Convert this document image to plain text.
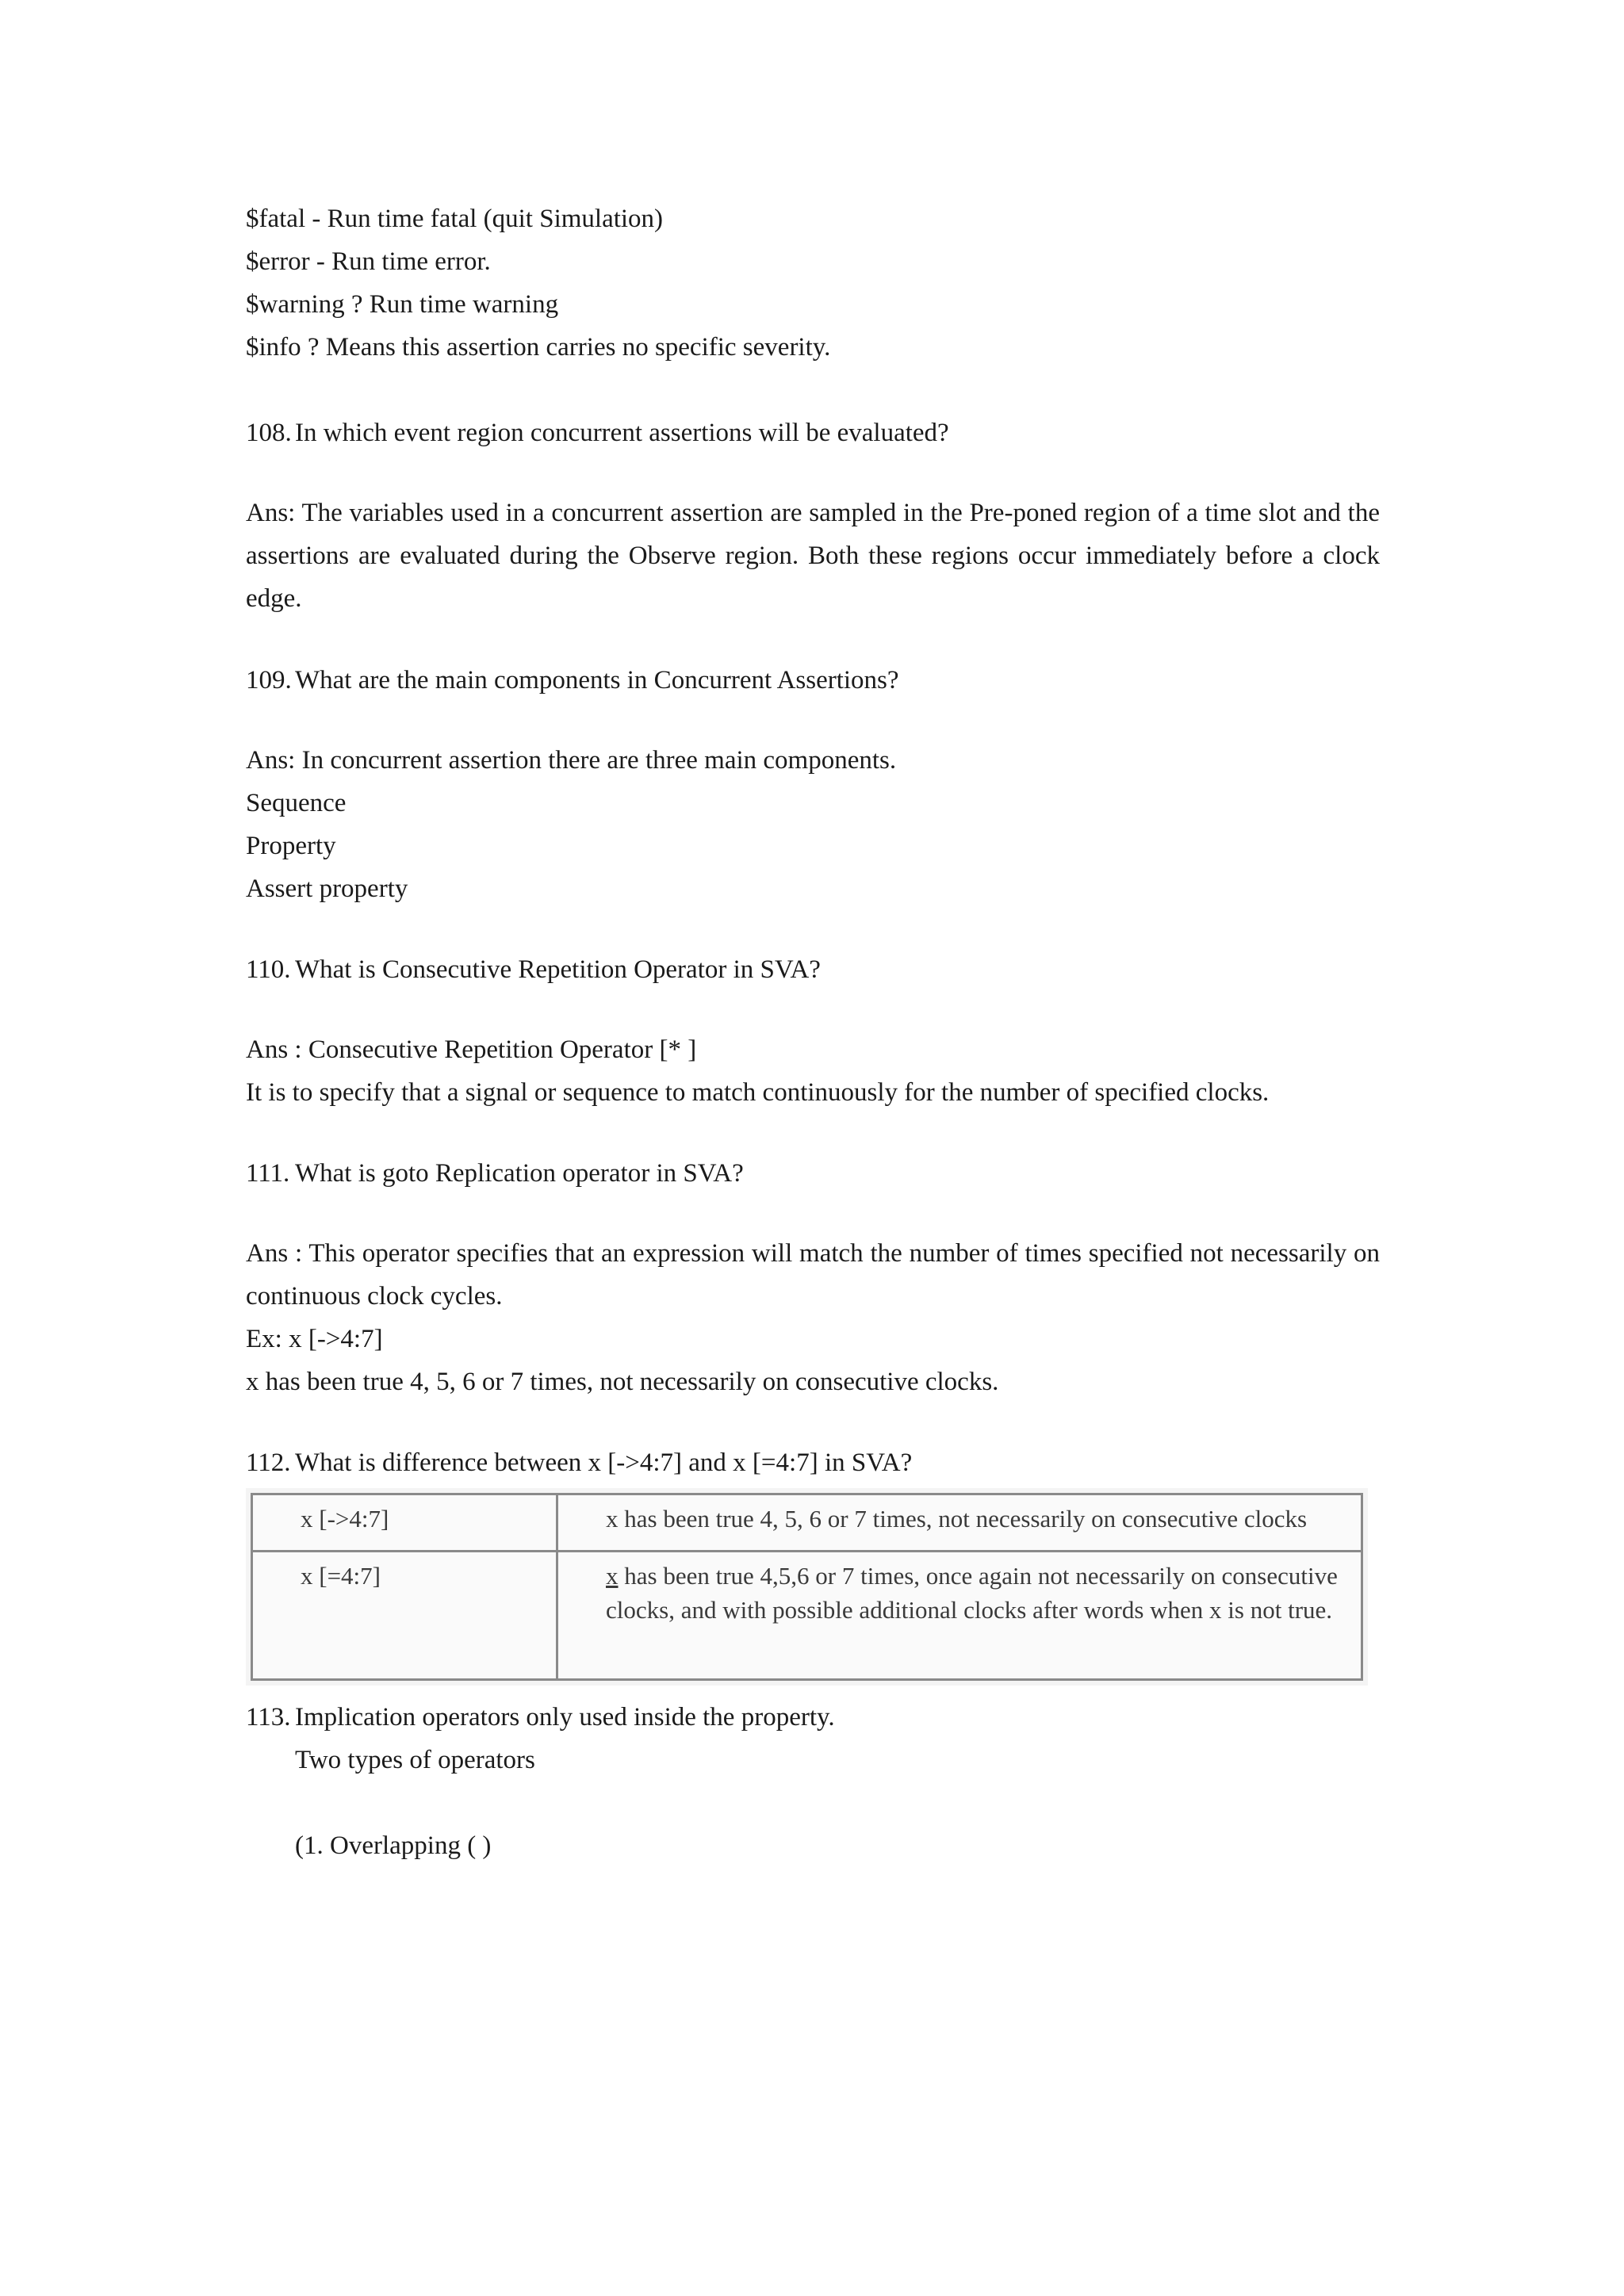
$fatal - Run time fatal (quit Simulation)

$error - Run time error.

$warning ? Run time warning

$info ? Means this assertion carries no specific severity.

108. In which event region concurrent assertions will be evaluated?

Ans: The variables used in a concurrent assertion are sampled in the Pre-poned region of a time slot and the assertions are evaluated during the Observe region. Both these regions occur immediately before a clock edge.

109. What are the main components in Concurrent Assertions?

Ans: In concurrent assertion there are three main components.

Sequence

Property

Assert property

110. What is Consecutive Repetition Operator in SVA?

Ans : Consecutive Repetition Operator [* ]

It is to specify that a signal or sequence to match continuously for the number of specified clocks.

111. What is goto Replication operator in SVA?

Ans : This operator specifies that an expression will match the number of times specified not necessarily on continuous clock cycles.

Ex: x [->4:7]

x has been true 4, 5, 6 or 7 times, not necessarily on consecutive clocks.

112. What is difference between x [->4:7] and x [=4:7] in SVA?

x [->4:7]	x has been true 4, 5, 6 or 7 times, not necessarily on consecutive clocks
x [=4:7]	x has been true 4,5,6 or 7 times, once again not necessarily on consecutive clocks, and with possible additional clocks after words when x is not true.

113. Implication operators only used inside the property.

Two types of operators

(1. Overlapping ( )
